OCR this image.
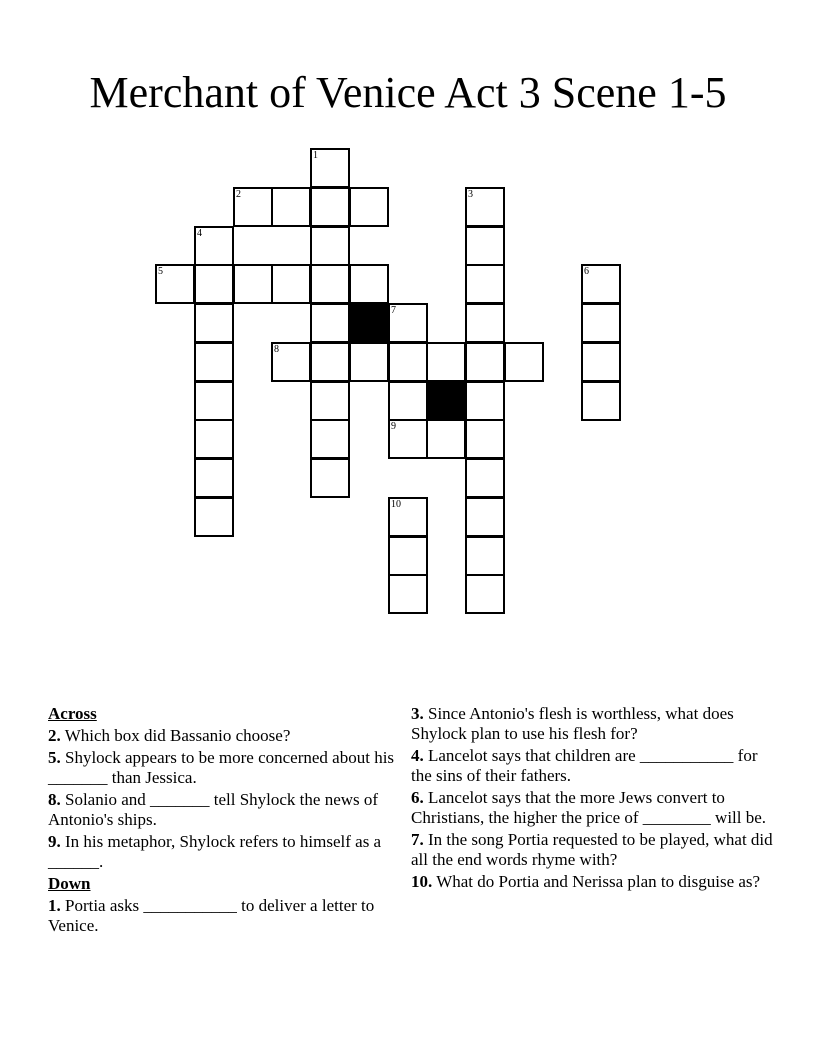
Merchant of Venice Act 3 Scene 1-5
1
2	3
4
5	6
7
8
9
10
Across
2. Which box did Bassanio choose?
5. Shylock appears to be more concerned about his _______ than Jessica.
8. Solanio and _______ tell Shylock the news of Antonio's ships.
9. In his metaphor, Shylock refers to himself as a ______.
Down
1. Portia asks ___________ to deliver a letter to Venice.
3. Since Antonio's flesh is worthless, what does Shylock plan to use his flesh for?
4. Lancelot says that children are ___________ for the sins of their fathers.
6. Lancelot says that the more Jews convert to Christians, the higher the price of ________ will be.
7. In the song Portia requested to be played, what did all the end words rhyme with?
10. What do Portia and Nerissa plan to disguise as?
